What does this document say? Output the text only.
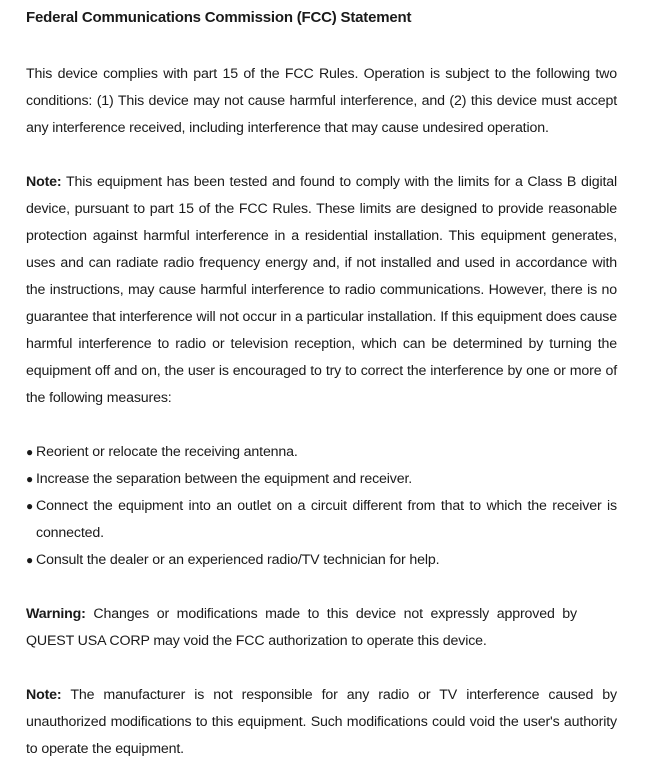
Federal Communications Commission (FCC) Statement

This device complies with part 15 of the FCC Rules. Operation is subject to the following two conditions: (1) This device may not cause harmful interference, and (2) this device must accept any interference received, including interference that may cause undesired operation.

Note: This equipment has been tested and found to comply with the limits for a Class B digital device, pursuant to part 15 of the FCC Rules. These limits are designed to provide reasonable protection against harmful interference in a residential installation. This equipment generates, uses and can radiate radio frequency energy and, if not installed and used in accordance with the instructions, may cause harmful interference to radio communications. However, there is no guarantee that interference will not occur in a particular installation. If this equipment does cause harmful interference to radio or television reception, which can be determined by turning the equipment off and on, the user is encouraged to try to correct the interference by one or more of the following measures:

● Reorient or relocate the receiving antenna.
● Increase the separation between the equipment and receiver.
● Connect the equipment into an outlet on a circuit different from that to which the receiver is connected.
● Consult the dealer or an experienced radio/TV technician for help.

Warning: Changes or modifications made to this device not expressly approved by QUEST USA CORP may void the FCC authorization to operate this device.

Note: The manufacturer is not responsible for any radio or TV interference caused by unauthorized modifications to this equipment. Such modifications could void the user's authority to operate the equipment.
